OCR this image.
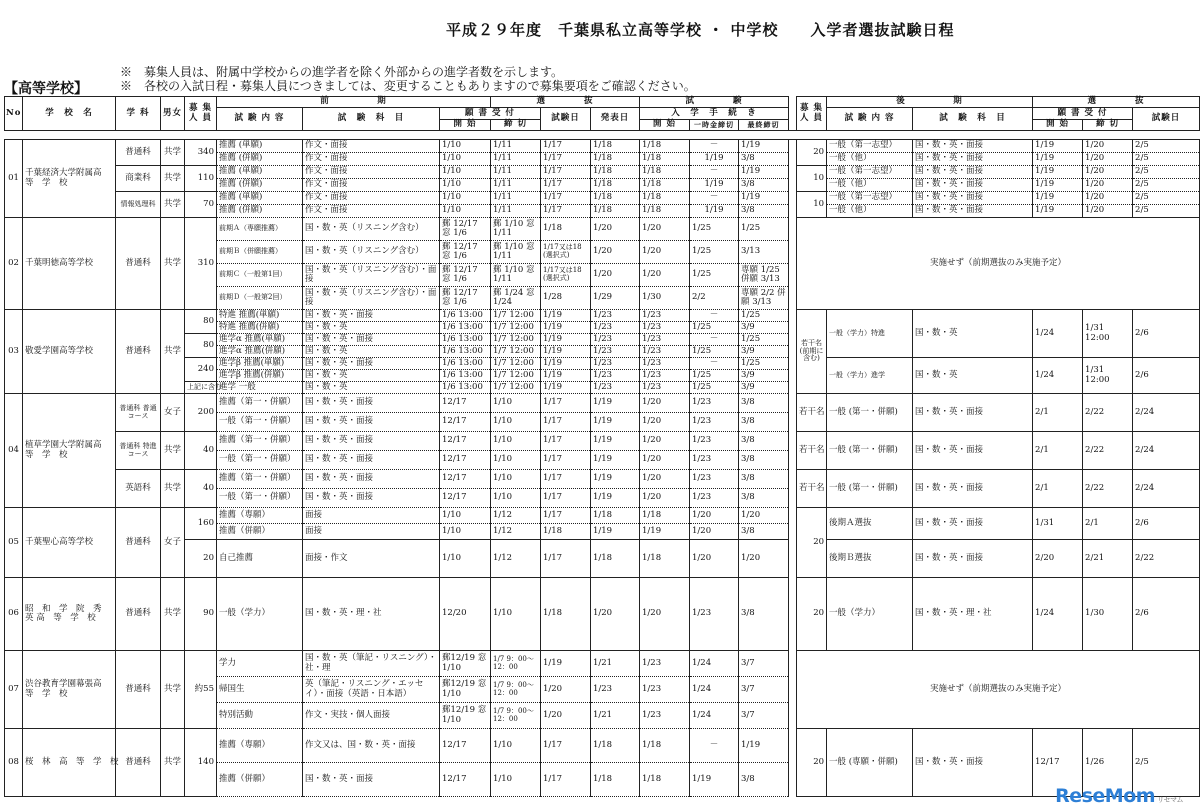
平成２９年度　千葉県私立高等学校 ・ 中学校　　入学者選抜試験日程
※　募集人員は、附属中学校からの進学者を除く外部からの進学者数を示します。
【高等学校】	※　各校の入試日程・募集人員につきましては、変更することもありますので募集要項をご確認ください。
No	学　校　名	学 科	男女	募 集 人 員	前　　　　　期			選　　　　抜			試　　　　験				募 集 人 員	後　　　　　期		選　　　　抜		
					試 験 内 容	試　験　科　目	願 書 受 付		試験日	発表日	入　学　手　続　き					試 験 内 容	試　験　科　目	願 書 受 付		試験日
							開 始	締 切			開 始	一時金締切	最終締切					開 始	締 切	

01	千葉経済大学附属高　等　学　校	普通科	共学	340	推薦 (単願)	作文・面接	1/10	1/11	1/17	1/18	1/18	－	1/19		20	一般（第一志望）	国・数・英・面接	1/19	1/20	2/5
					推薦 (併願)	作文・面接	1/10	1/11	1/17	1/18	1/18	1/19	3/8			一般（他）	国・数・英・面接	1/19	1/20	2/5
		商業科	共学	110	推薦 (単願)	作文・面接	1/10	1/11	1/17	1/18	1/18	－	1/19		10	一般（第一志望）	国・数・英・面接	1/19	1/20	2/5
					推薦 (併願)	作文・面接	1/10	1/11	1/17	1/18	1/18	1/19	3/8			一般（他）	国・数・英・面接	1/19	1/20	2/5
		情報処理科	共学	70	推薦 (単願)	作文・面接	1/10	1/11	1/17	1/18	1/18	－	1/19		10	一般（第一志望）	国・数・英・面接	1/19	1/20	2/5
					推薦 (併願)	作文・面接	1/10	1/11	1/17	1/18	1/18	1/19	3/8			一般（他）	国・数・英・面接	1/19	1/20	2/5
02	千葉明徳高等学校	普通科	共学	310	前期Ａ（専願推薦）	国・数・英（リスニング含む）	郵 12/17 窓 1/6	郵 1/10 窓 1/11	1/18	1/20	1/20	1/25	1/25		実施せず（前期選抜のみ実施予定）					
					前期Ｂ（併願推薦）	国・数・英（リスニング含む）	郵 12/17 窓 1/6	郵 1/10 窓 1/11	1/17又は18 (選択式)	1/20	1/20	1/25	3/13							
					前期Ｃ（一般第1回）	国・数・英（リスニング含む）・面接	郵 12/17 窓 1/6	郵 1/10 窓 1/11	1/17又は18 (選択式)	1/20	1/20	1/25	専願 1/25 併願 3/13							
					前期Ｄ（一般第2回）	国・数・英（リスニング含む）・面接	郵 12/17 窓 1/6	郵 1/24 窓 1/24	1/28	1/29	1/30	2/2	専願 2/2 併願 3/13							
03	敬愛学園高等学校	普通科	共学	80	特進 推薦(単願)	国・数・英・面接	1/6 13:00	1/7 12:00	1/19	1/23	1/23	－	1/25		若干名 (前期に含む)	一般（学力）特進	国・数・英	1/24	1/31 12:00	2/6
					特進 推薦(併願)	国・数・英	1/6 13:00	1/7 12:00	1/19	1/23	1/23	1/25	3/9							
				80	進学α 推薦(単願)	国・数・英・面接	1/6 13:00	1/7 12:00	1/19	1/23	1/23	－	1/25							
					進学α 推薦(併願)	国・数・英	1/6 13:00	1/7 12:00	1/19	1/23	1/23	1/25	3/9							
				240	進学β 推薦(単願)	国・数・英・面接	1/6 13:00	1/7 12:00	1/19	1/23	1/23	－	1/25			一般（学力）進学	国・数・英	1/24	1/31 12:00	2/6
					進学β 推薦(併願)	国・数・英	1/6 13:00	1/7 12:00	1/19	1/23	1/23	1/25	3/9							
				上記に含む	進学 一般	国・数・英	1/6 13:00	1/7 12:00	1/19	1/23	1/23	1/25	3/9							
04	植草学園大学附属高　等　学　校	普通科 普通コース	女子	200	推薦（第一・併願）	国・数・英・面接	12/17	1/10	1/17	1/19	1/20	1/23	3/8		若干名	一般 (第一・併願)	国・数・英・面接	2/1	2/22	2/24
					一般（第一・併願）	国・数・英・面接	12/17	1/10	1/17	1/19	1/20	1/23	3/8							
		普通科 特進コース	共学	40	推薦（第一・併願）	国・数・英・面接	12/17	1/10	1/17	1/19	1/20	1/23	3/8		若干名	一般 (第一・併願)	国・数・英・面接	2/1	2/22	2/24
					一般（第一・併願）	国・数・英・面接	12/17	1/10	1/17	1/19	1/20	1/23	3/8							
		英語科	共学	40	推薦（第一・併願）	国・数・英・面接	12/17	1/10	1/17	1/19	1/20	1/23	3/8		若干名	一般 (第一・併願)	国・数・英・面接	2/1	2/22	2/24
					一般（第一・併願）	国・数・英・面接	12/17	1/10	1/17	1/19	1/20	1/23	3/8							
05	千葉聖心高等学校	普通科	女子	160	推薦（専願）	面接	1/10	1/12	1/17	1/18	1/18	1/20	1/20		20	後期Ａ選抜	国・数・英・面接	1/31	2/1	2/6
					推薦（併願）	面接	1/10	1/12	1/18	1/19	1/19	1/20	3/8							
				20	自己推薦	面接・作文	1/10	1/12	1/17	1/18	1/18	1/20	1/20			後期Ｂ選抜	国・数・英・面接	2/20	2/21	2/22
06	昭　和　学　院　秀　英 高　等　学　校	普通科	共学	90	一般（学力）	国・数・英・理・社	12/20	1/10	1/18	1/20	1/20	1/23	3/8		20	一般（学力）	国・数・英・理・社	1/24	1/30	2/6
07	渋谷教育学園幕張高　等　学　校	普通科	共学	約55	学力	国・数・英（筆記・リスニング）・社・理	郵12/19 窓1/10	1/7 9：00～12：00	1/19	1/21	1/23	1/24	3/7		実施せず（前期選抜のみ実施予定）					
					帰国生	英（筆記・リスニング・エッセイ）・面接（英語・日本語）	郵12/19 窓1/10	1/7 9：00～12：00	1/20	1/23	1/23	1/24	3/7							
					特別活動	作文・実技・個人面接	郵12/19 窓1/10	1/7 9：00～12：00	1/20	1/21	1/23	1/24	3/7							
08	桜　林　高　等　学　校	普通科	共学	140	推薦（専願）	作文又は、国・数・英・面接	12/17	1/10	1/17	1/18	1/18	－	1/19		20	一般 (専願・併願)	国・数・英・面接	12/17	1/26	2/5
					推薦（併願）	国・数・英・面接	12/17	1/10	1/17	1/18	1/18	1/19	3/8							
ReseMom リセマム
